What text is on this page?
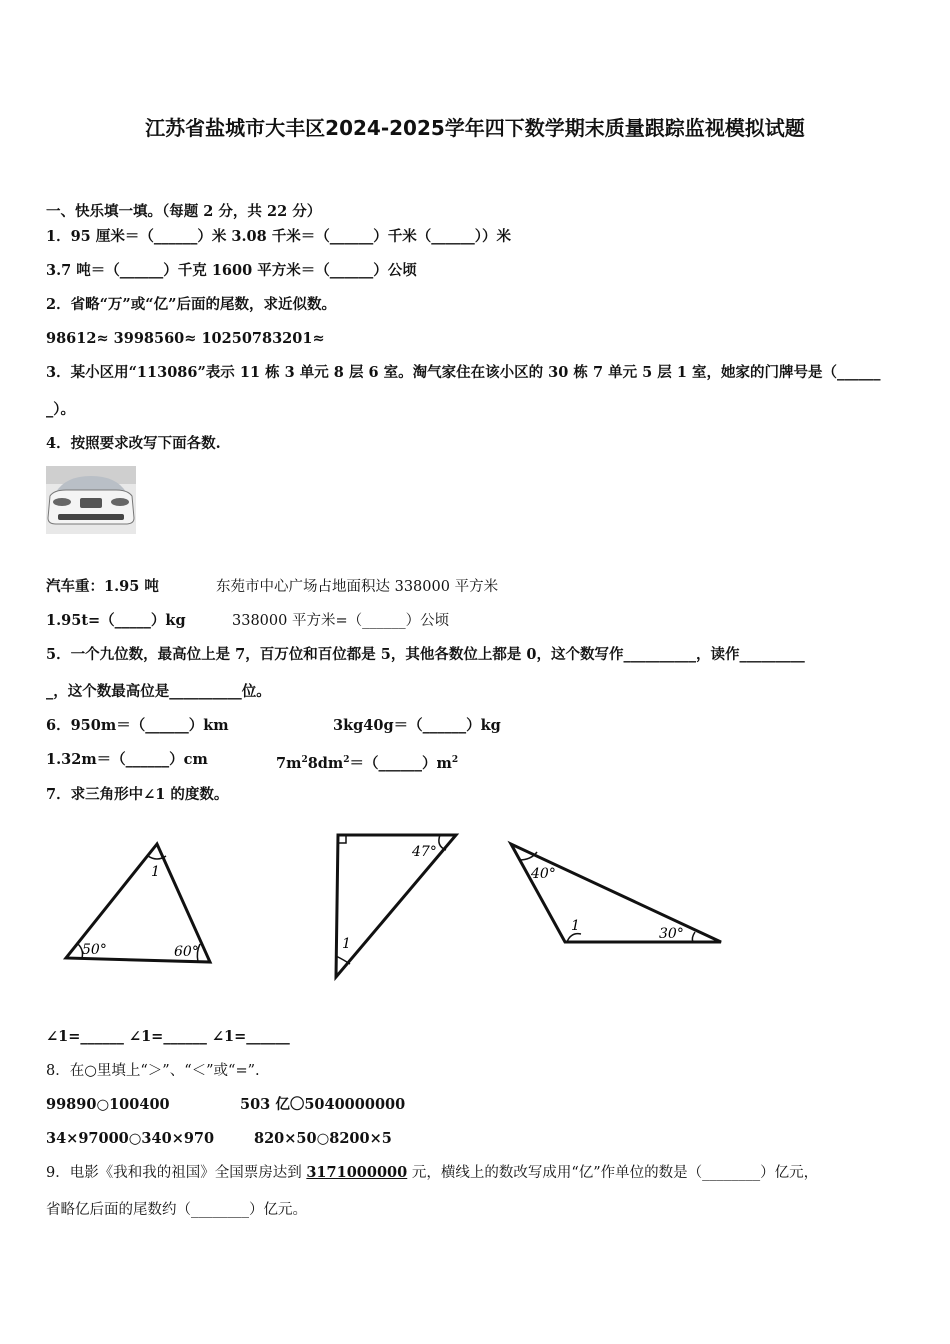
江苏省盐城市大丰区2024-2025学年四下数学期末质量跟踪监视模拟试题
一、快乐填一填。（每题 2 分，共 22 分）
1．95 厘米＝（______）米 3.08 千米＝（______）千米（______））米
3.7 吨＝（______）千克 1600 平方米＝（______）公顷
2．省略“万”或“亿”后面的尾数，求近似数。
98612≈ 3998560≈ 10250783201≈
3．某小区用“113086”表示 11 栋 3 单元 8 层 6 室。淘气家住在该小区的 30 栋 7 单元 5 层 1 室，她家的门牌号是（______
_）。
4．按照要求改写下面各数.
汽车重：1.95 吨	东苑市中心广场占地面积达 338000 平方米
1.95t=（_____）kg	338000 平方米=（______）公顷
5．一个九位数，最高位上是 7，百万位和百位都是 5，其他各数位上都是 0，这个数写作__________，读作_________
_，这个数最高位是__________位。
6．950m＝（______）km	3kg40g＝（______）kg
1.32m＝（______）cm	$7m^28dm^2=(\_\_\_\_\_\_)m^2$
7．求三角形中∠1 的度数。
1
50°	60°
47°
1
40°
1	30°
∠1=______ ∠1=______ ∠1=______
8．在○里填上“＞”、“＜”或“=”.
99890○100400	503 亿〇5040000000
34×97000○340×970	820×50○8200×5
9．电影《我和我的祖国》全国票房达到 3171000000 元，横线上的数改写成用“亿”作单位的数是（________）亿元，
省略亿后面的尾数约（________）亿元。
